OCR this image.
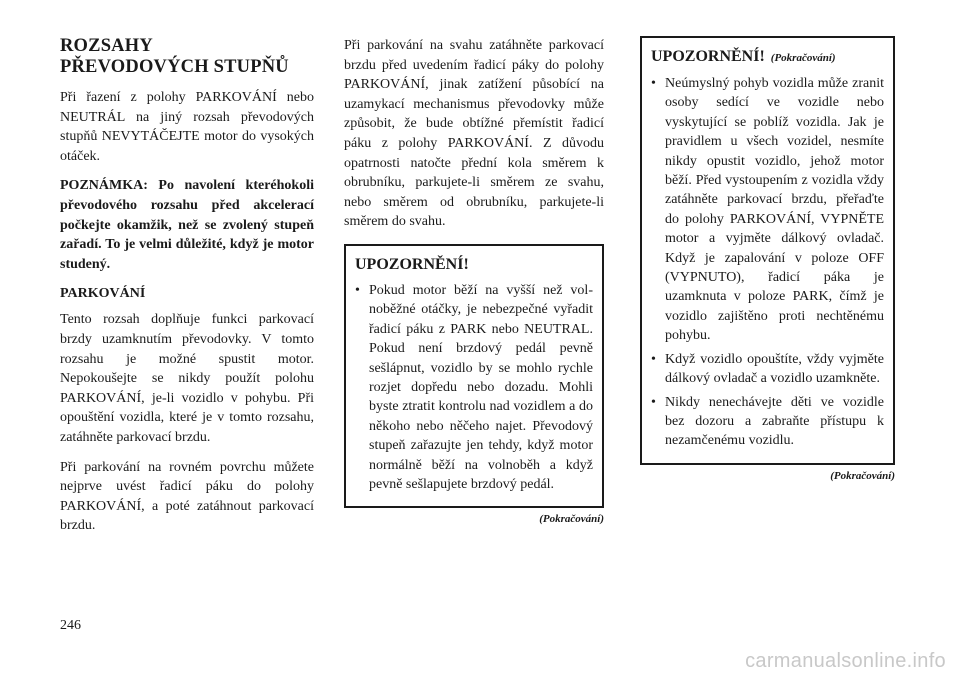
ROZSAHY
PŘEVODOVÝCH STUPŇŮ

Při řazení z polohy PARKOVÁNÍ nebo NEUTRÁL na jiný rozsah převodových stupňů NEVYTÁČEJTE motor do vysokých otáček.

POZNÁMKA: Po navolení kteréhokoli převodového rozsahu před akcelerací počkejte okamžik, než se zvolený stupeň zařadí. To je velmi důležité, když je motor studený.

PARKOVÁNÍ

Tento rozsah doplňuje funkci parkovací brzdy uzamknutím převodovky. V tomto rozsahu je možné spustit motor. Nepokoušejte se nikdy použít polohu PARKOVÁNÍ, je-li vozidlo v pohybu. Při opouštění vozidla, které je v tomto rozsahu, zatáhněte parkovací brzdu.

Při parkování na rovném povrchu můžete nejprve uvést řadicí páku do polohy PARKOVÁNÍ, a poté zatáhnout parkovací brzdu.

Při parkování na svahu zatáhněte parkovací brzdu před uvedením řadicí páky do polohy PARKOVÁNÍ, jinak zatížení působící na uzamykací mechanismus převodovky může způsobit, že bude obtížné přemístit řadicí páku z polohy PARKOVÁNÍ. Z důvodu opatrnosti natočte přední kola směrem k obrubníku, parkujete-li směrem ze svahu, nebo směrem od obrubníku, parkujete-li směrem do svahu.

UPOZORNĚNÍ!
• Pokud motor běží na vyšší než volnoběžné otáčky, je nebezpečné vyřadit řadicí páku z PARK nebo NEUTRAL. Pokud není brzdový pedál pevně sešlápnut, vozidlo by se mohlo rychle rozjet dopředu nebo dozadu. Mohli byste ztratit kontrolu nad vozidlem a do někoho nebo něčeho najet. Převodový stupeň zařazujte jen tehdy, když motor normálně běží na volnoběh a když pevně sešlapujete brzdový pedál.
(Pokračování)
UPOZORNĚNÍ! (Pokračování)
• Neúmyslný pohyb vozidla může zranit osoby sedící ve vozidle nebo vyskytující se poblíž vozidla. Jak je pravidlem u všech vozidel, nesmíte nikdy opustit vozidlo, jehož motor běží. Před vystoupením z vozidla vždy zatáhněte parkovací brzdu, přeřaďte do polohy PARKOVÁNÍ, VYPNĚTE motor a vyjměte dálkový ovladač. Když je zapalování v poloze OFF (VYPNUTO), řadicí páka je uzamknuta v poloze PARK, čímž je vozidlo zajištěno proti nechtěnému pohybu.
• Když vozidlo opouštíte, vždy vyjměte dálkový ovladač a vozidlo uzamkněte.
• Nikdy nenechávejte děti ve vozidle bez dozoru a zabraňte přístupu k nezamčenému vozidlu.
(Pokračování)
246
carmanualsonline.info
